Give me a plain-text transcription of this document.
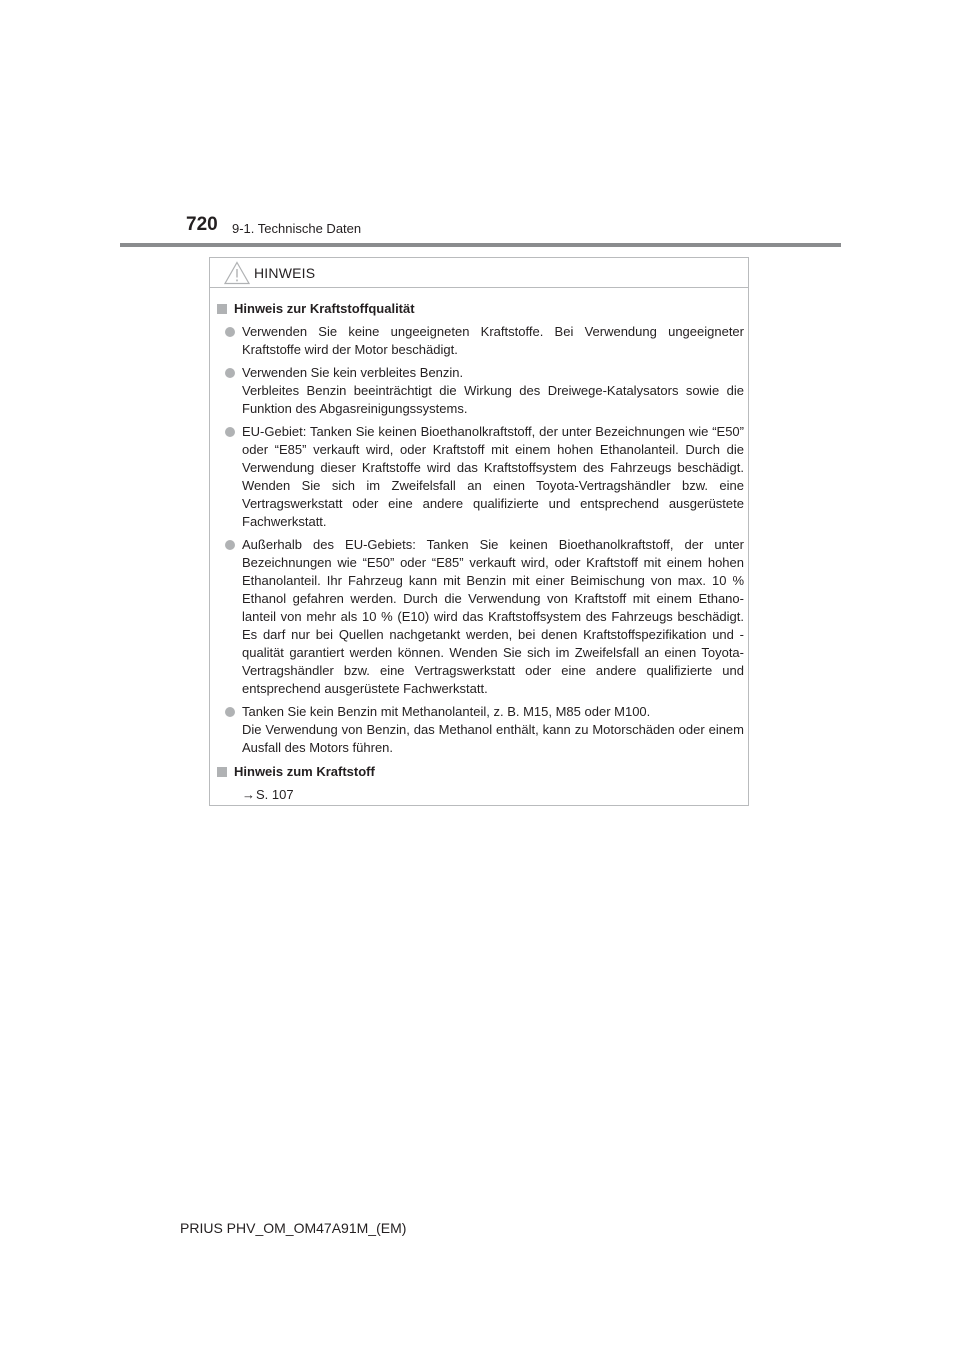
720 9-1. Technische Daten
HINWEIS
Hinweis zur Kraftstoffqualität
Verwenden Sie keine ungeeigneten Kraftstoffe. Bei Verwendung ungeeigneter Kraftstoffe wird der Motor beschädigt.
Verwenden Sie kein verbleites Benzin.
Verbleites Benzin beeinträchtigt die Wirkung des Dreiwege-Katalysators sowie die Funktion des Abgasreinigungssystems.
EU-Gebiet: Tanken Sie keinen Bioethanolkraftstoff, der unter Bezeichnungen wie “E50” oder “E85” verkauft wird, oder Kraftstoff mit einem hohen Ethanolanteil. Durch die Verwendung dieser Kraftstoffe wird das Kraftstoffsystem des Fahrzeugs beschädigt. Wenden Sie sich im Zweifelsfall an einen Toyota-Vertragshändler bzw. eine Vertragswerkstatt oder eine andere qualifizierte und entsprechend ausgerüstete Fachwerkstatt.
Außerhalb des EU-Gebiets: Tanken Sie keinen Bioethanolkraftstoff, der unter Bezeichnungen wie “E50” oder “E85” verkauft wird, oder Kraftstoff mit einem hohen Ethanolanteil. Ihr Fahrzeug kann mit Benzin mit einer Beimischung von max. 10 % Ethanol gefahren werden. Durch die Verwendung von Kraftstoff mit einem Ethanolanteil von mehr als 10 % (E10) wird das Kraftstoffsystem des Fahrzeugs beschädigt. Es darf nur bei Quellen nachgetankt werden, bei denen Kraftstoffspezifikation und -qualität garantiert werden können. Wenden Sie sich im Zweifelsfall an einen Toyota-Vertragshändler bzw. eine Vertragswerkstatt oder eine andere qualifizierte und entsprechend ausgerüstete Fachwerkstatt.
Tanken Sie kein Benzin mit Methanolanteil, z. B. M15, M85 oder M100.
Die Verwendung von Benzin, das Methanol enthält, kann zu Motorschäden oder einem Ausfall des Motors führen.
Hinweis zum Kraftstoff
→ S. 107
PRIUS PHV_OM_OM47A91M_(EM)
